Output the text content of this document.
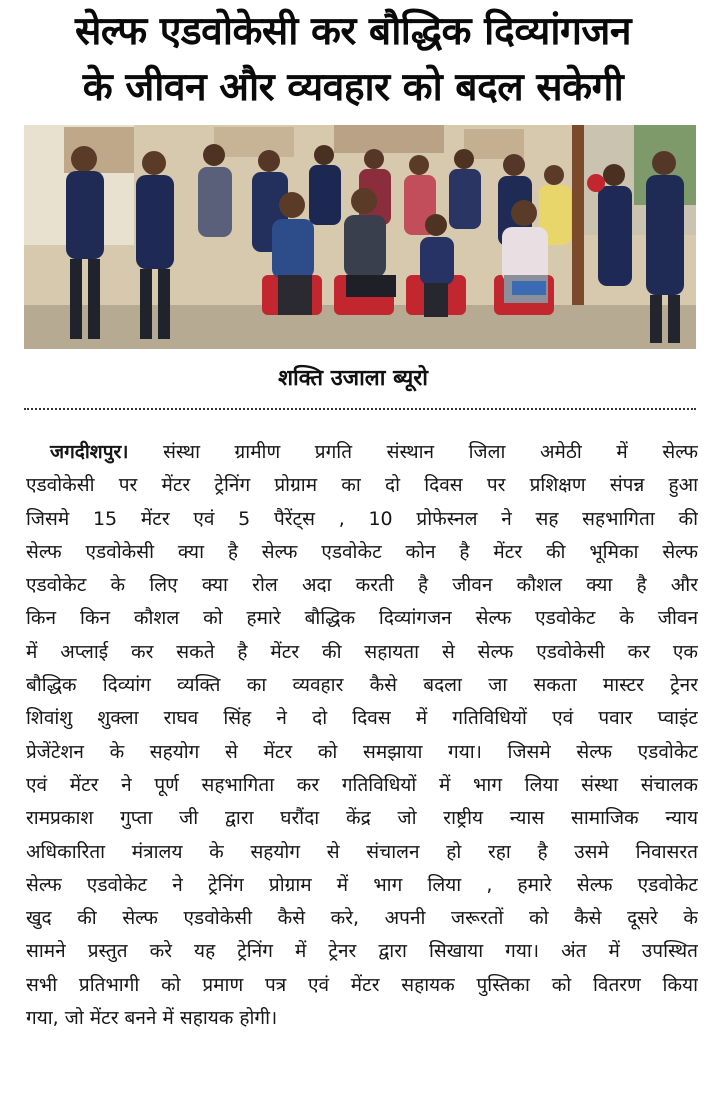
सेल्फ एडवोकेसी कर बौद्धिक दिव्यांगजन
के जीवन और व्यवहार को बदल सकेगी
शक्ति उजाला ब्यूरो
जगदीशपुर। संस्था ग्रामीण प्रगति संस्थान जिला अमेठी में सेल्फ
एडवोकेसी पर मेंटर ट्रेनिंग प्रोग्राम का दो दिवस पर प्रशिक्षण संपन्न हुआ
जिसमे 15 मेंटर एवं 5 पैरेंट्स , 10 प्रोफेस्नल ने सह सहभागिता की
सेल्फ एडवोकेसी क्या है सेल्फ एडवोकेट कोन है मेंटर की भूमिका सेल्फ
एडवोकेट के लिए क्या रोल अदा करती है जीवन कौशल क्या है और
किन किन कौशल को हमारे बौद्धिक दिव्यांगजन सेल्फ एडवोकेट के जीवन
में अप्लाई कर सकते है मेंटर की सहायता से सेल्फ एडवोकेसी कर एक
बौद्धिक दिव्यांग व्यक्ति का व्यवहार कैसे बदला जा सकता मास्टर ट्रेनर
शिवांशु शुक्ला राघव सिंह ने दो दिवस में गतिविधियों एवं पवार प्वाइंट
प्रेजेंटेशन के सहयोग से मेंटर को समझाया गया। जिसमे सेल्फ एडवोकेट
एवं मेंटर ने पूर्ण सहभागिता कर गतिविधियों में भाग लिया संस्था संचालक
रामप्रकाश गुप्ता जी द्वारा घरौंदा केंद्र जो राष्ट्रीय न्यास सामाजिक न्याय
अधिकारिता मंत्रालय के सहयोग से संचालन हो रहा है उसमे निवासरत
सेल्फ एडवोकेट ने ट्रेनिंग प्रोग्राम में भाग लिया , हमारे सेल्फ एडवोकेट
खुद की सेल्फ एडवोकेसी कैसे करे, अपनी जरूरतों को कैसे दूसरे के
सामने प्रस्तुत करे यह ट्रेनिंग में ट्रेनर द्वारा सिखाया गया। अंत में उपस्थित
सभी प्रतिभागी को प्रमाण पत्र एवं मेंटर सहायक पुस्तिका को वितरण किया
गया, जो मेंटर बनने में सहायक होगी।
